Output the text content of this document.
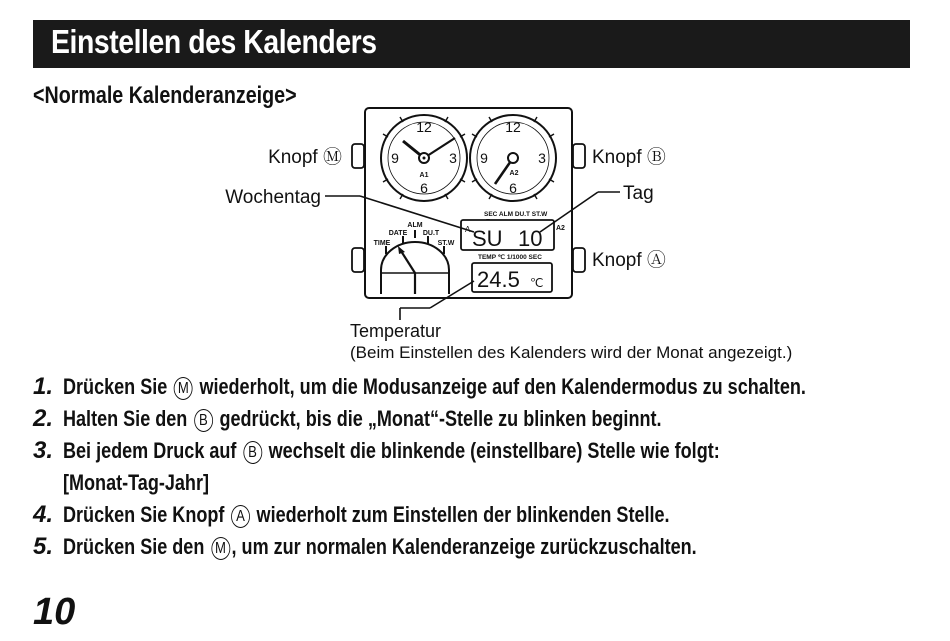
Einstellen des Kalenders

<Normale Kalenderanzeige>

12
3
6
9
A1
12
3
6
9
A2
TIME
DATE
ALM
DU.T
ST.W
SEC ALM DU.T ST.W
A SU 10 A2
TEMP ℃ 1/1000 SEC
24.5 ℃
Knopf Ⓜ	Knopf Ⓑ
Knopf Ⓐ
Wochentag	Tag
Temperatur
(Beim Einstellen des Kalenders wird der Monat angezeigt.)
1. Drücken Sie M wiederholt, um die Modusanzeige auf den Kalendermodus zu schalten.
2. Halten Sie den B gedrückt, bis die „Monat“-Stelle zu blinken beginnt.
3. Bei jedem Druck auf B wechselt die blinkende (einstellbare) Stelle wie folgt:
[Monat-Tag-Jahr]
4. Drücken Sie Knopf A wiederholt zum Einstellen der blinkenden Stelle.
5. Drücken Sie den M , um zur normalen Kalenderanzeige zurückzuschalten.

10
